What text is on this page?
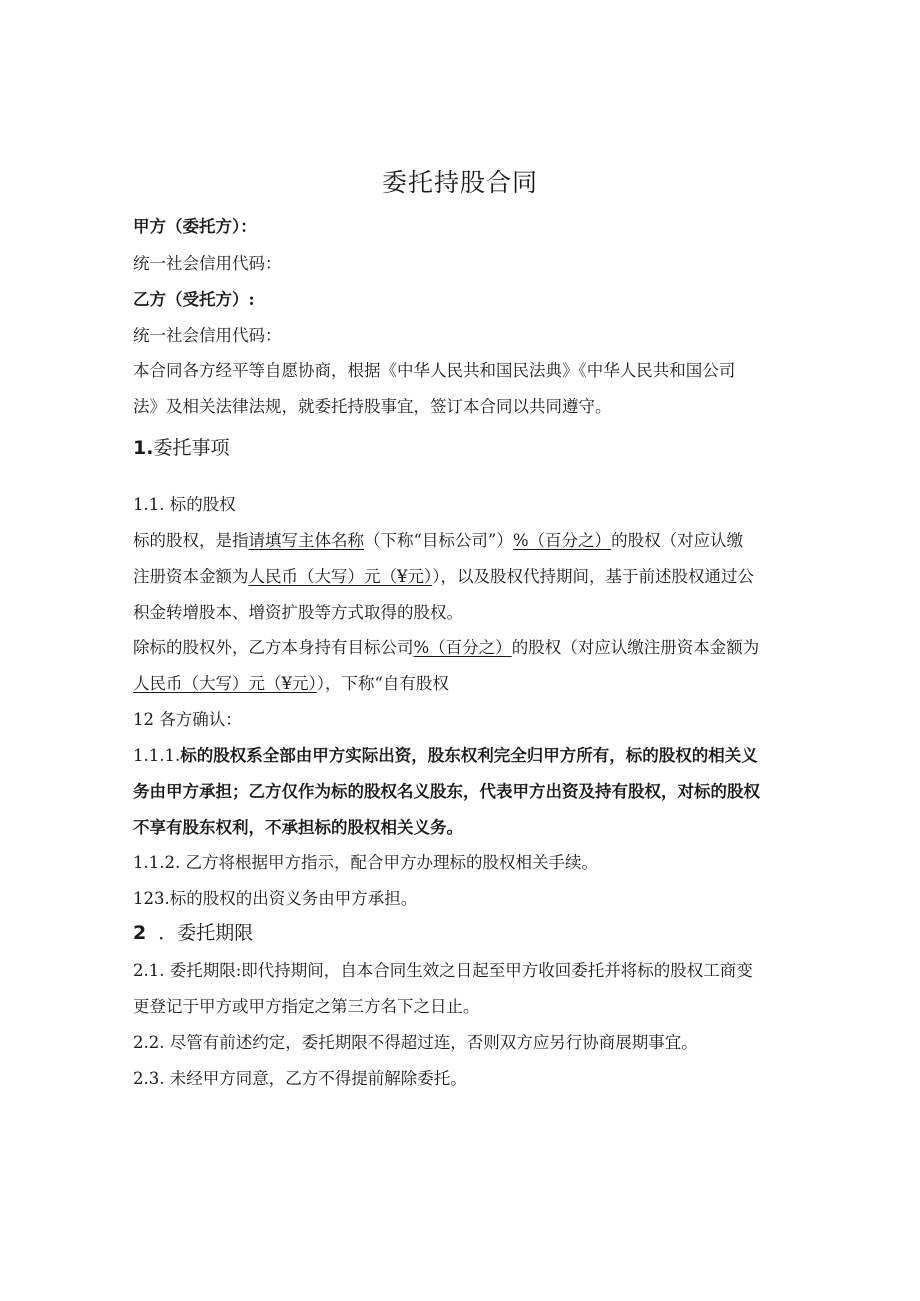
委托持股合同
甲方（委托方）：
统一社会信用代码：
乙方（受托方）:
统一社会信用代码：
本合同各方经平等自愿协商，根据《中华人民共和国民法典》《中华人民共和国公司
法》及相关法律法规，就委托持股事宜，签订本合同以共同遵守。
1.委托事项
1.1. 标的股权
标的股权，是指请填写主体名称（下称“目标公司”）%（百分之）的股权（对应认缴
注册资本金额为人民币（大写）元（¥元）），以及股权代持期间，基于前述股权通过公
积金转增股本、增资扩股等方式取得的股权。
除标的股权外，乙方本身持有目标公司%（百分之）的股权（对应认缴注册资本金额为
人民币（大写）元（¥元）），下称“自有股权
12 各方确认：
1.1.1.标的股权系全部由甲方实际出资，股东权利完全归甲方所有，标的股权的相关义
务由甲方承担；乙方仅作为标的股权名义股东，代表甲方出资及持有股权，对标的股权
不享有股东权利，不承担标的股权相关义务。
1.1.2. 乙方将根据甲方指示，配合甲方办理标的股权相关手续。
123.标的股权的出资义务由甲方承担。
2 ．委托期限
2.1. 委托期限:即代持期间，自本合同生效之日起至甲方收回委托并将标的股权工商变
更登记于甲方或甲方指定之第三方名下之日止。
2.2. 尽管有前述约定，委托期限不得超过连，否则双方应另行协商展期事宜。
2.3. 未经甲方同意，乙方不得提前解除委托。
